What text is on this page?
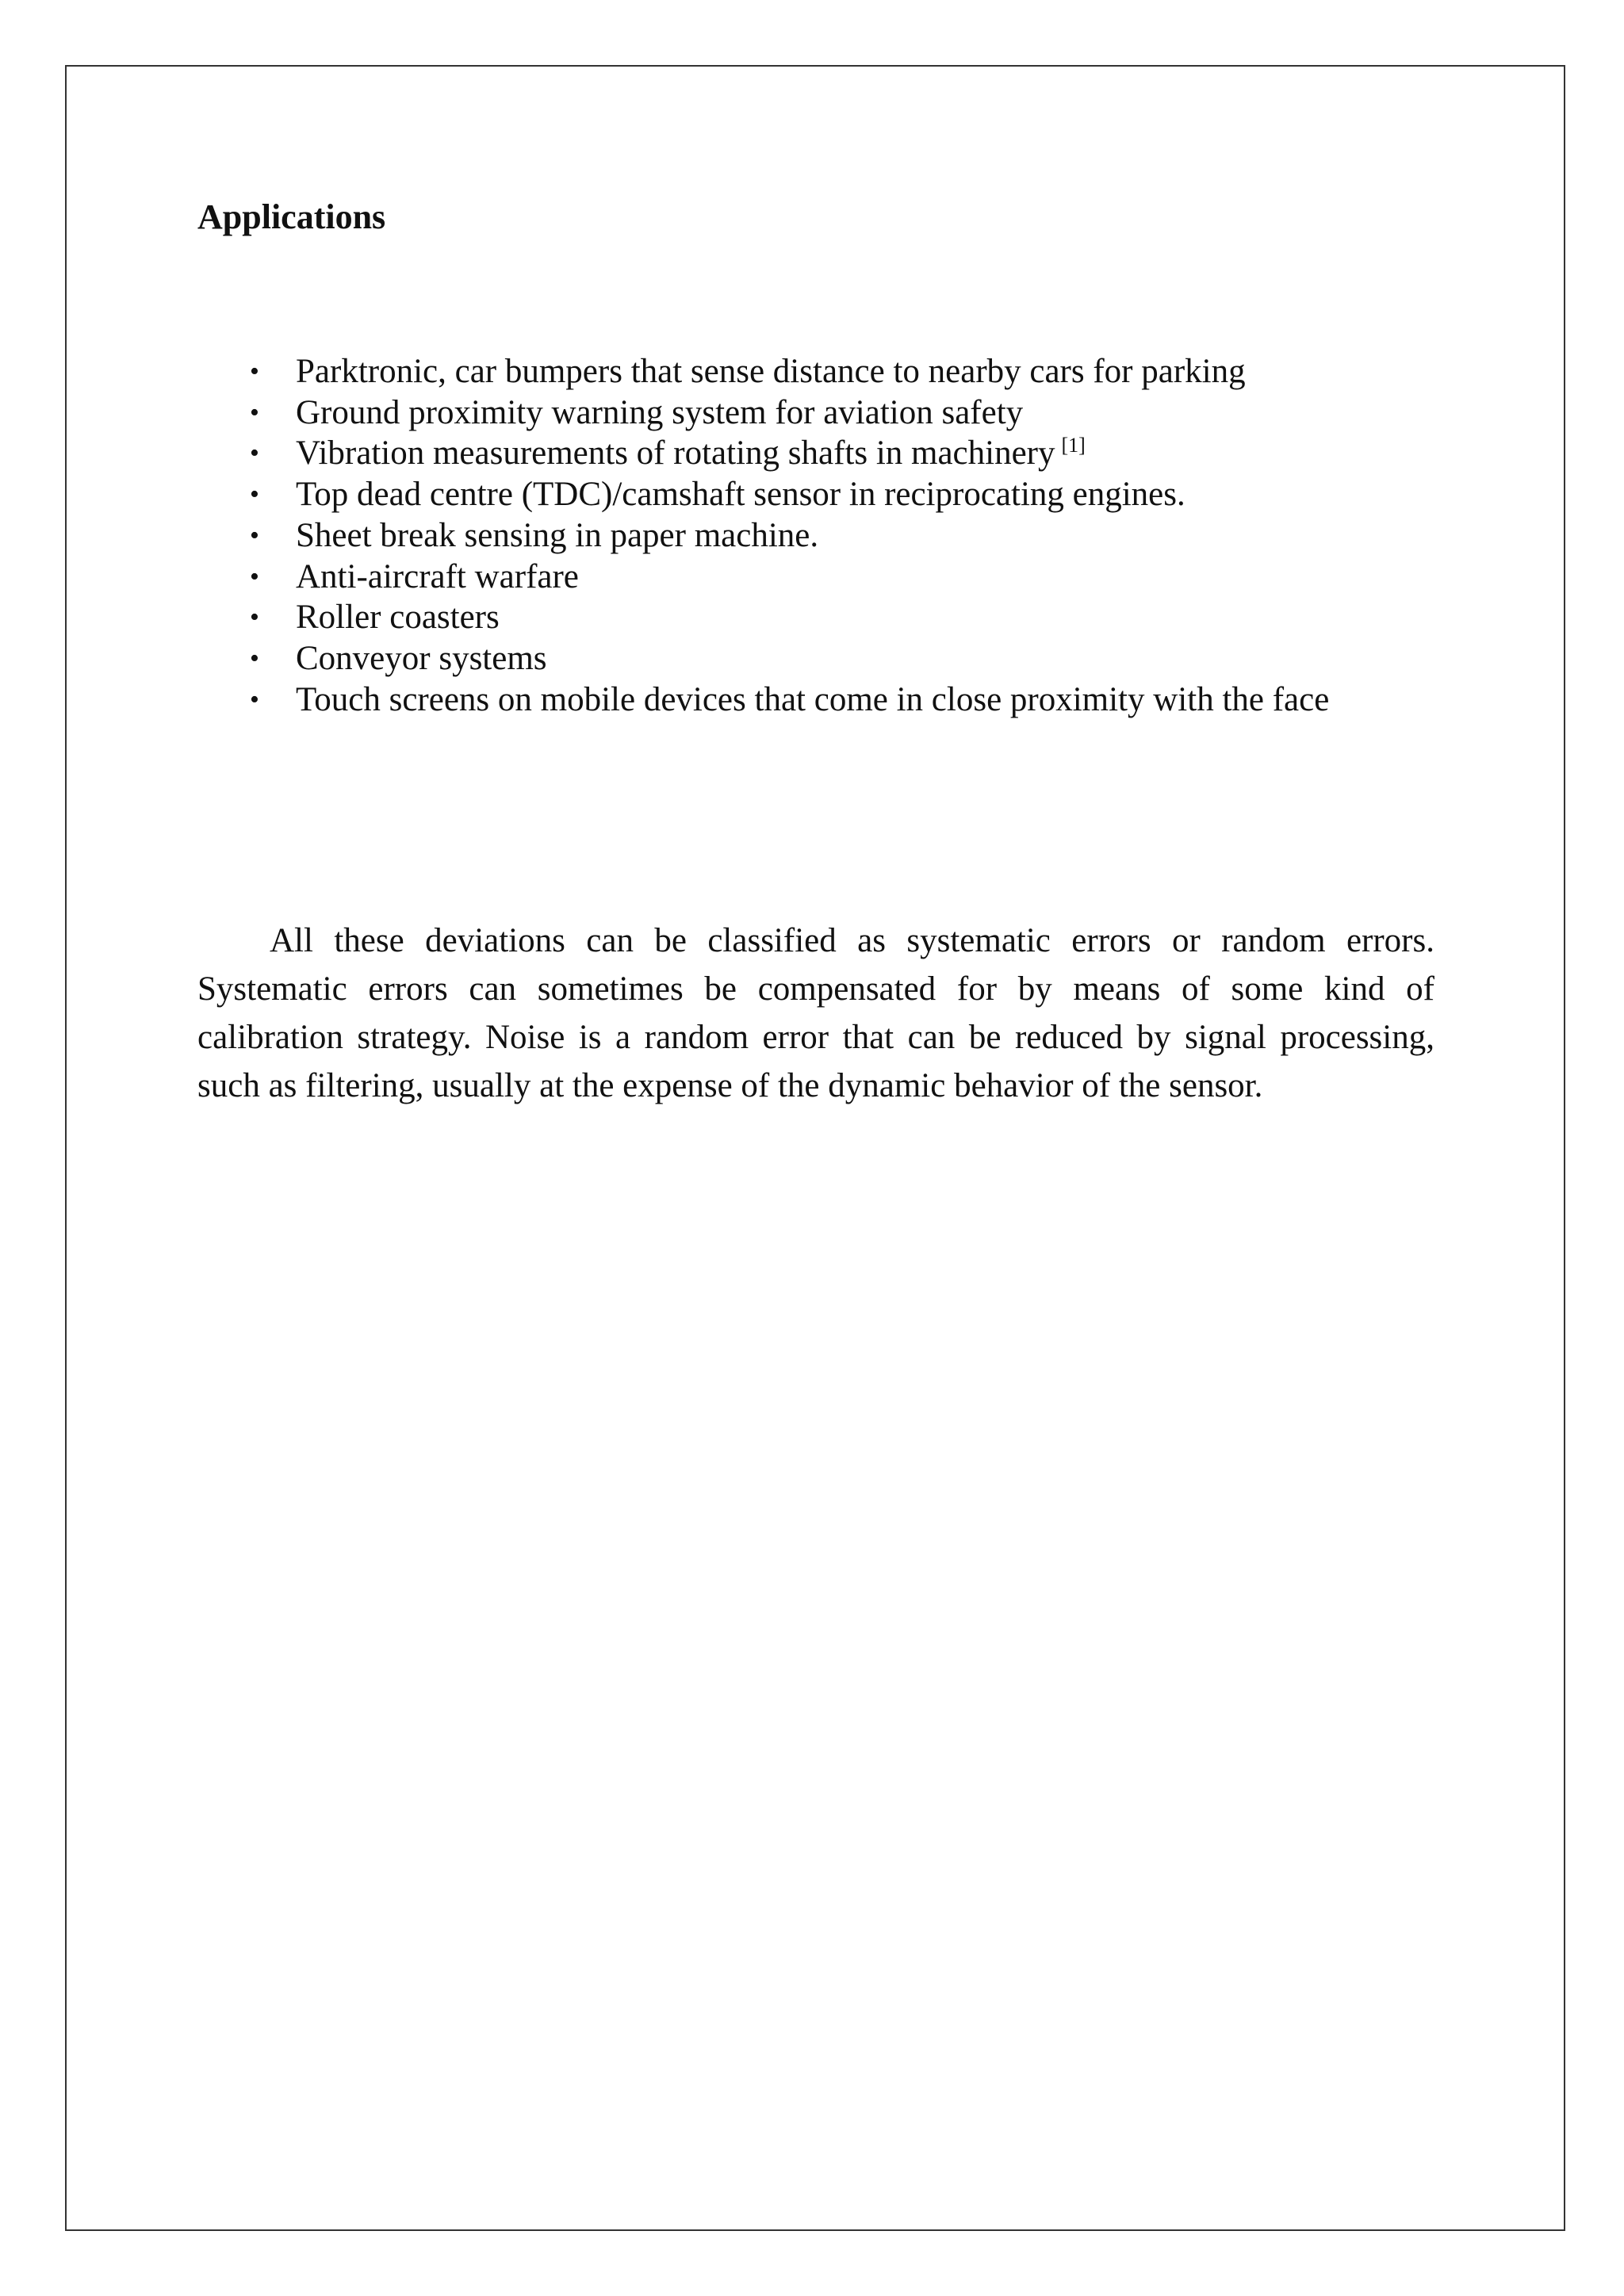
Applications
• Parktronic, car bumpers that sense distance to nearby cars for parking
• Ground proximity warning system for aviation safety
• Vibration measurements of rotating shafts in machinery [1]
• Top dead centre (TDC)/camshaft sensor in reciprocating engines.
• Sheet break sensing in paper machine.
• Anti-aircraft warfare
• Roller coasters
• Conveyor systems
• Touch screens on mobile devices that come in close proximity with the face

All these deviations can be classified as systematic errors or random errors. Systematic errors can sometimes be compensated for by means of some kind of calibration strategy. Noise is a random error that can be reduced by signal processing, such as filtering, usually at the expense of the dynamic behavior of the sensor.
